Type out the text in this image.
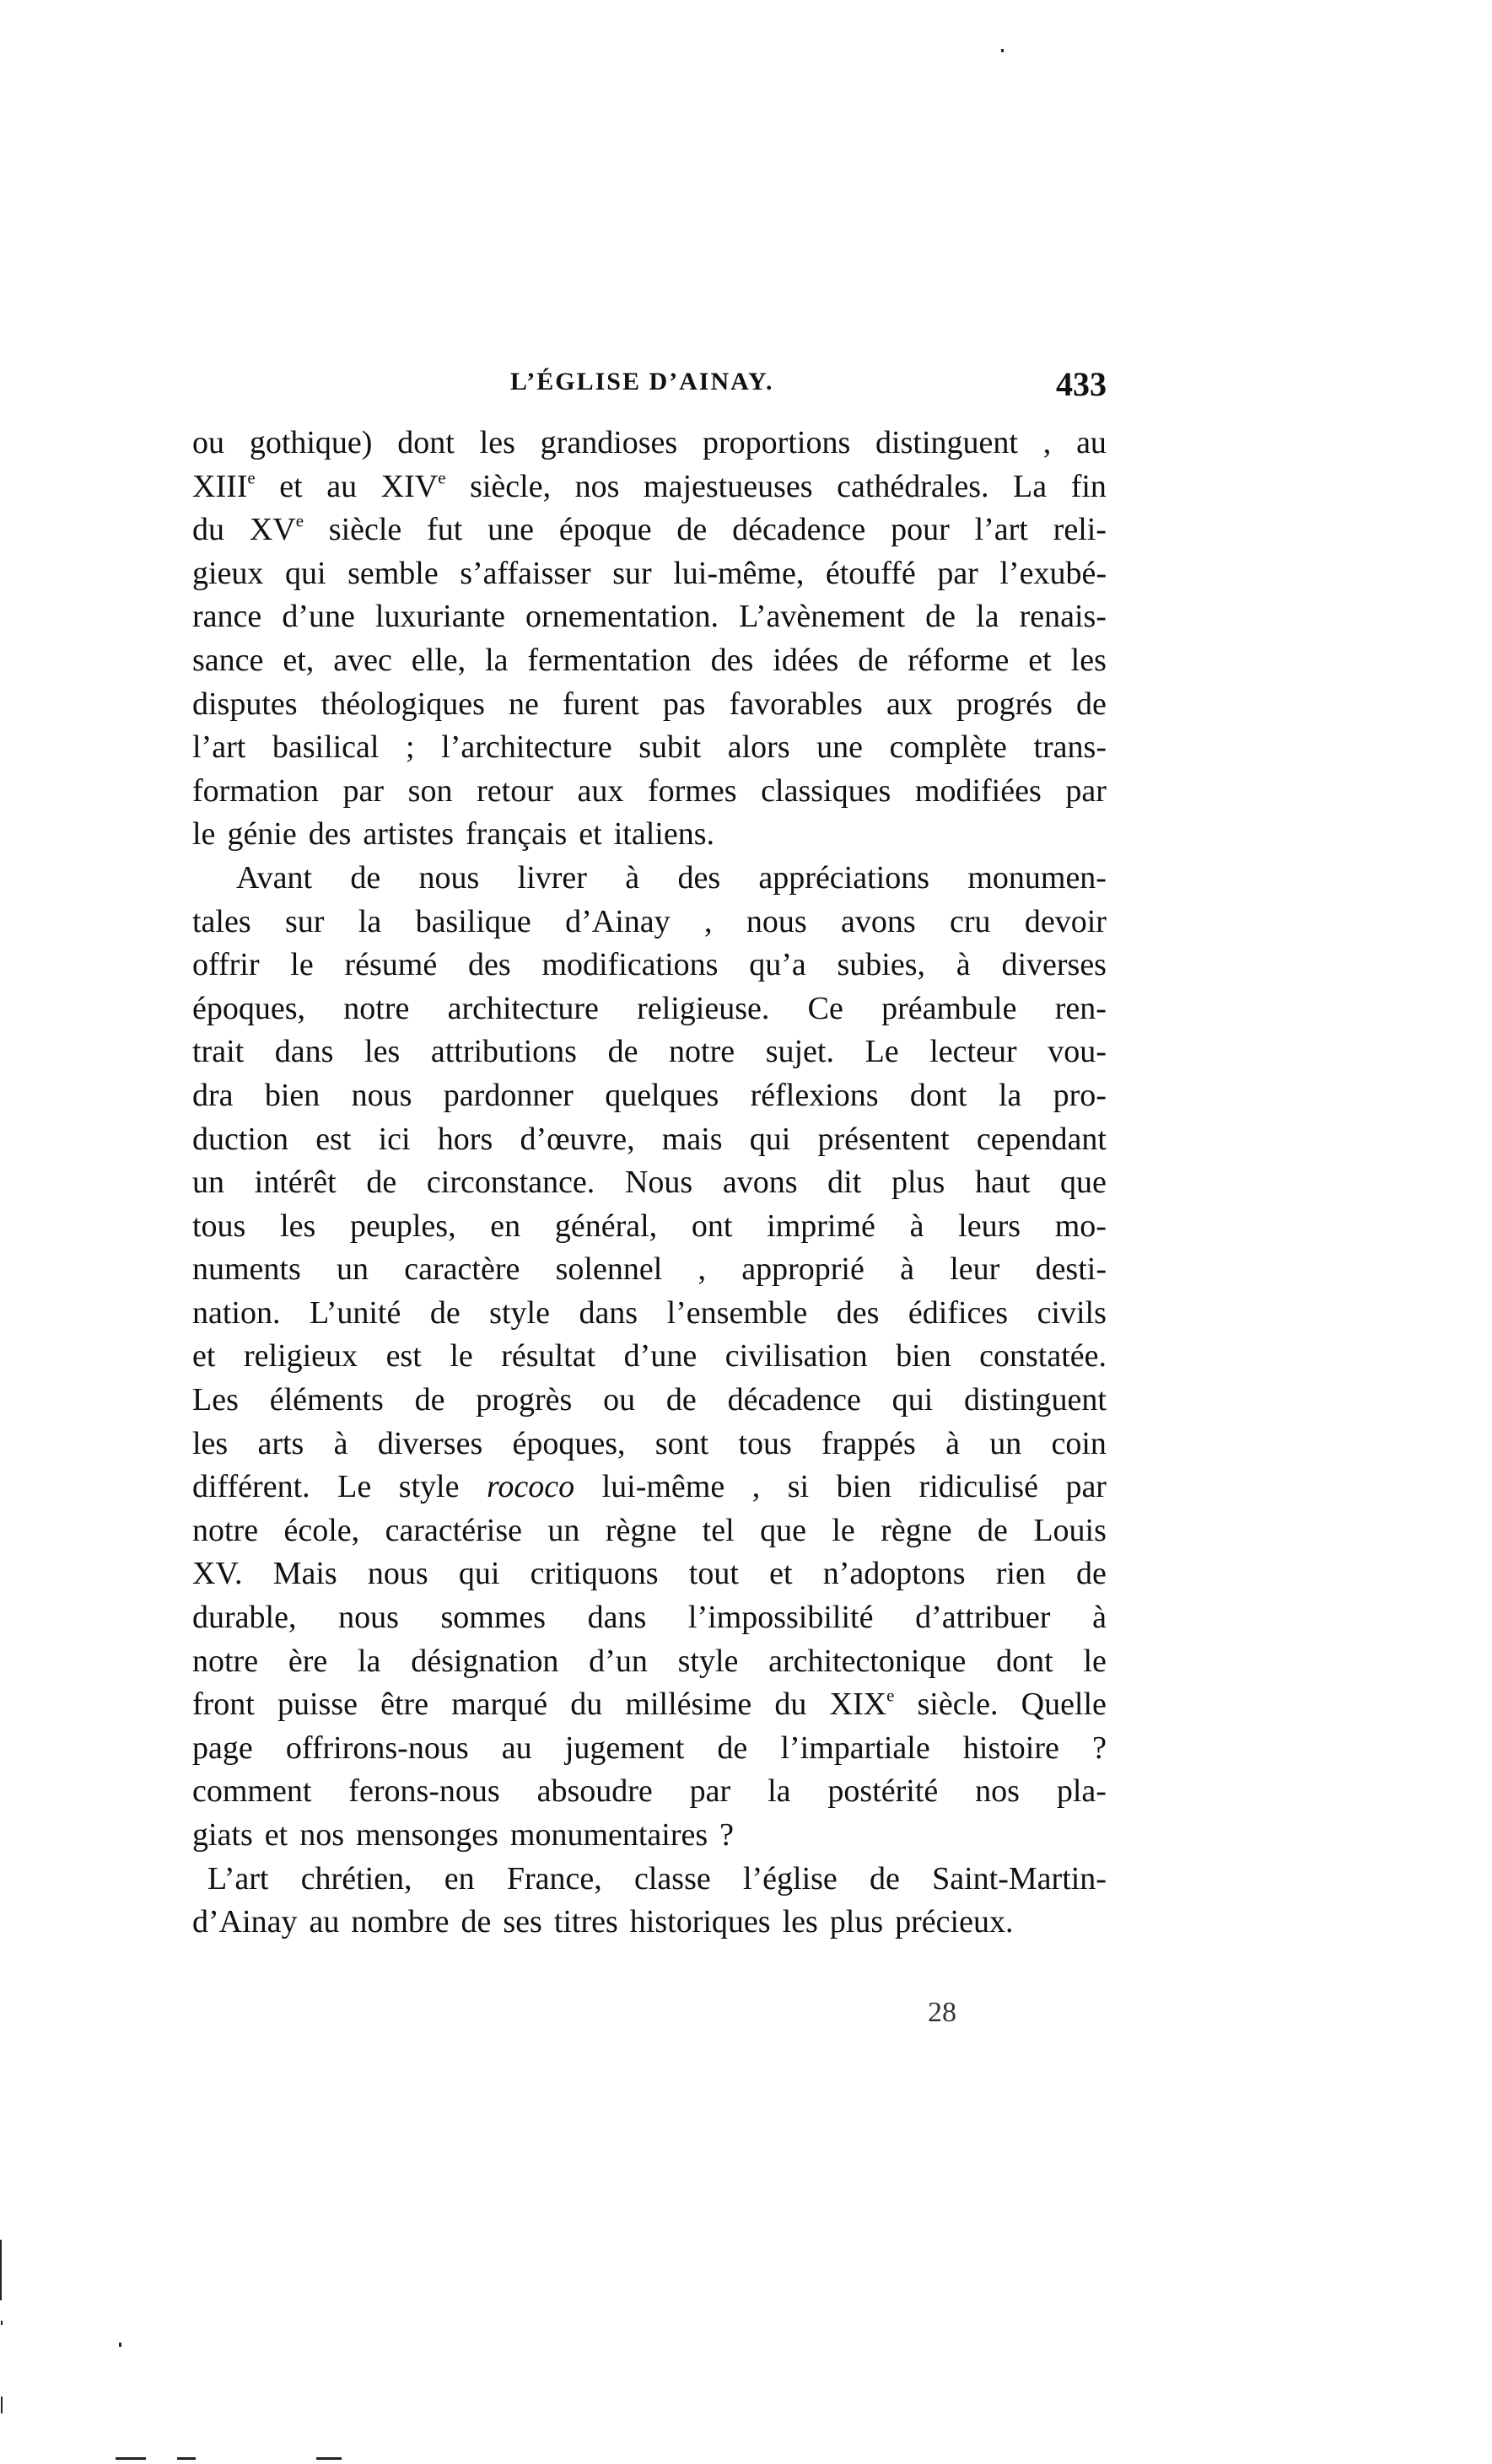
L’ÉGLISE D’AINAY.	433
ou gothique) dont les grandioses proportions distinguent , au
XIIIe et au XIVe siècle, nos majestueuses cathédrales. La fin
du XVe siècle fut une époque de décadence pour l’art reli-
gieux qui semble s’affaisser sur lui-même, étouffé par l’exubé-
rance d’une luxuriante ornementation. L’avènement de la renais-
sance et, avec elle, la fermentation des idées de réforme et les
disputes théologiques ne furent pas favorables aux progrés de
l’art basilical ; l’architecture subit alors une complète trans-
formation par son retour aux formes classiques modifiées par
le génie des artistes français et italiens.
Avant de nous livrer à des appréciations monumen-
tales sur la basilique d’Ainay , nous avons cru devoir
offrir le résumé des modifications qu’a subies, à diverses
époques, notre architecture religieuse. Ce préambule ren-
trait dans les attributions de notre sujet. Le lecteur vou-
dra bien nous pardonner quelques réflexions dont la pro-
duction est ici hors d’œuvre, mais qui présentent cependant
un intérêt de circonstance. Nous avons dit plus haut que
tous les peuples, en général, ont imprimé à leurs mo-
numents un caractère solennel , approprié à leur desti-
nation. L’unité de style dans l’ensemble des édifices civils
et religieux est le résultat d’une civilisation bien constatée.
Les éléments de progrès ou de décadence qui distinguent
les arts à diverses époques, sont tous frappés à un coin
différent. Le style rococo lui-même , si bien ridiculisé par
notre école, caractérise un règne tel que le règne de Louis
XV. Mais nous qui critiquons tout et n’adoptons rien de
durable, nous sommes dans l’impossibilité d’attribuer à
notre ère la désignation d’un style architectonique dont le
front puisse être marqué du millésime du XIXe siècle. Quelle
page offrirons-nous au jugement de l’impartiale histoire ?
comment ferons-nous absoudre par la postérité nos pla-
giats et nos mensonges monumentaires ?
L’art chrétien, en France, classe l’église de Saint-Martin-
d’Ainay au nombre de ses titres historiques les plus précieux.
28
